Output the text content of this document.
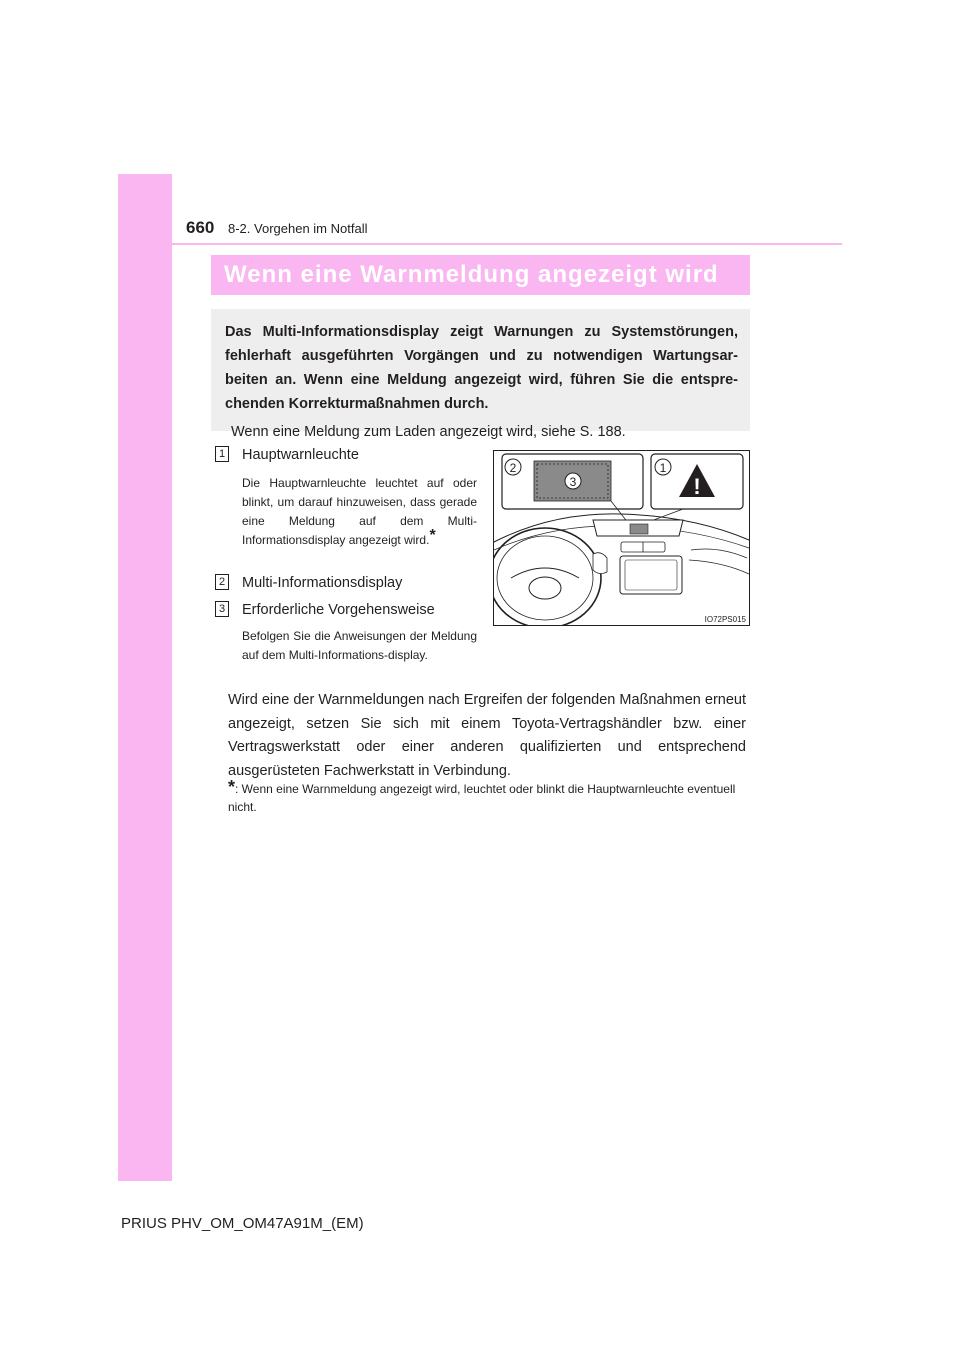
660 8-2. Vorgehen im Notfall
Wenn eine Warnmeldung angezeigt wird

Das Multi-Informationsdisplay zeigt Warnungen zu Systemstörungen, fehlerhaft ausgeführten Vorgängen und zu notwendigen Wartungsar-beiten an. Wenn eine Meldung angezeigt wird, führen Sie die entspre-chenden Korrekturmaßnahmen durch.

Wenn eine Meldung zum Laden angezeigt wird, siehe S. 188.

1 Hauptwarnleuchte
Die Hauptwarnleuchte leuchtet auf oder blinkt, um darauf hinzuweisen, dass gerade eine Meldung auf dem Multi-Informationsdisplay angezeigt wird.*
2 Multi-Informationsdisplay
3 Erforderliche Vorgehensweise
Befolgen Sie die Anweisungen der Meldung auf dem Multi-Informations-display.
3
2	1
!
IO72PS015
Wird eine der Warnmeldungen nach Ergreifen der folgenden Maßnahmen erneut angezeigt, setzen Sie sich mit einem Toyota-Vertragshändler bzw. einer Vertragswerkstatt oder einer anderen qualifizierten und entsprechend ausgerüsteten Fachwerkstatt in Verbindung.
*: Wenn eine Warnmeldung angezeigt wird, leuchtet oder blinkt die Hauptwarnleuchte eventuell nicht.
PRIUS PHV_OM_OM47A91M_(EM)
